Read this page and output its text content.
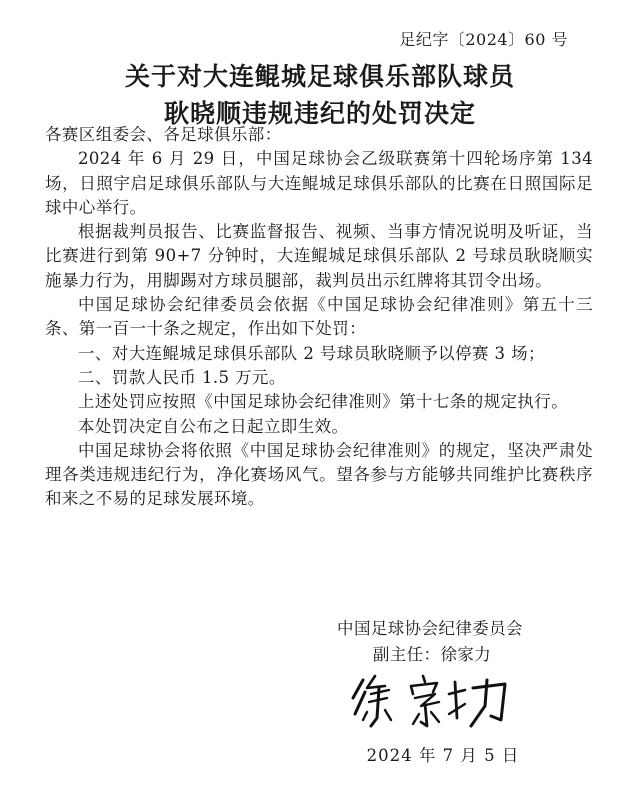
足纪字〔2024〕60 号
关于对大连鲲城足球俱乐部队球员
耿晓顺违规违纪的处罚决定

各赛区组委会、各足球俱乐部：

2024 年 6 月 29 日，中国足球协会乙级联赛第十四轮场序第 134 场，日照宇启足球俱乐部队与大连鲲城足球俱乐部队的比赛在日照国际足球中心举行。

根据裁判员报告、比赛监督报告、视频、当事方情况说明及听证，当比赛进行到第 90+7 分钟时，大连鲲城足球俱乐部队 2 号球员耿晓顺实施暴力行为，用脚踢对方球员腿部，裁判员出示红牌将其罚令出场。

中国足球协会纪律委员会依据《中国足球协会纪律准则》第五十三条、第一百一十条之规定，作出如下处罚：

一、对大连鲲城足球俱乐部队 2 号球员耿晓顺予以停赛 3 场；

二、罚款人民币 1.5 万元。

上述处罚应按照《中国足球协会纪律准则》第十七条的规定执行。

本处罚决定自公布之日起立即生效。

中国足球协会将依照《中国足球协会纪律准则》的规定，坚决严肃处理各类违规违纪行为，净化赛场风气。望各参与方能够共同维护比赛秩序和来之不易的足球发展环境。

中国足球协会纪律委员会
副主任：徐家力
2024 年 7 月 5 日
